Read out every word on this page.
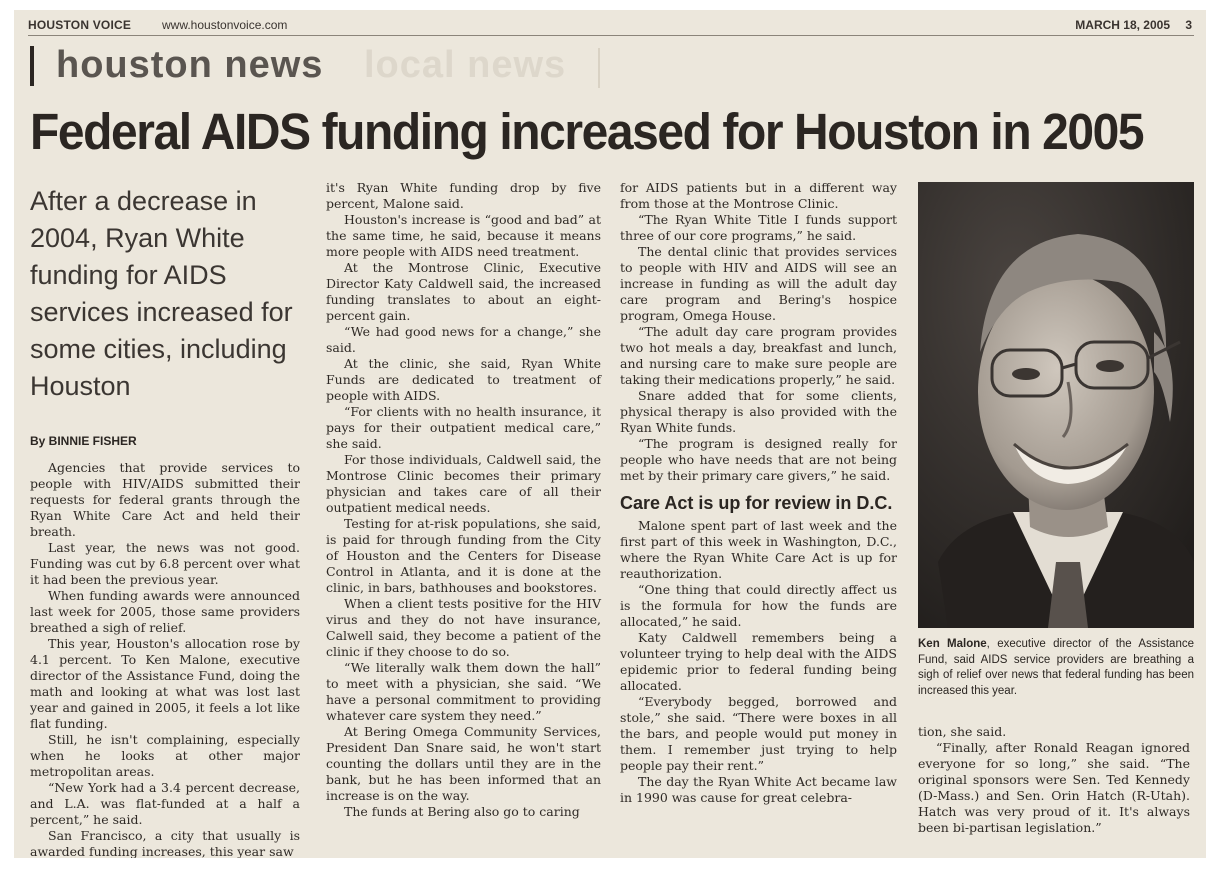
HOUSTON VOICE	www.houstonvoice.com	MARCH 18, 2005 3
houston news local news
Federal AIDS funding increased for Houston in 2005
After a decrease in 2004, Ryan White funding for AIDS services increased for some cities, including Houston
By BINNIE FISHER

Agencies that provide services to people with HIV/AIDS submitted their requests for federal grants through the Ryan White Care Act and held their breath.

Last year, the news was not good. Funding was cut by 6.8 percent over what it had been the previous year.

When funding awards were announced last week for 2005, those same providers breathed a sigh of relief.

This year, Houston's allocation rose by 4.1 percent. To Ken Malone, executive director of the Assistance Fund, doing the math and looking at what was lost last year and gained in 2005, it feels a lot like flat funding.

Still, he isn't complaining, especially when he looks at other major metropolitan areas.

“New York had a 3.4 percent decrease, and L.A. was flat-funded at a half a percent,” he said.

San Francisco, a city that usually is awarded funding increases, this year saw

it's Ryan White funding drop by five percent, Malone said.

Houston's increase is “good and bad” at the same time, he said, because it means more people with AIDS need treatment.

At the Montrose Clinic, Executive Director Katy Caldwell said, the increased funding translates to about an eight-percent gain.

“We had good news for a change,” she said.

At the clinic, she said, Ryan White Funds are dedicated to treatment of people with AIDS.

“For clients with no health insurance, it pays for their outpatient medical care,” she said.

For those individuals, Caldwell said, the Montrose Clinic becomes their primary physician and takes care of all their outpatient medical needs.

Testing for at-risk populations, she said, is paid for through funding from the City of Houston and the Centers for Disease Control in Atlanta, and it is done at the clinic, in bars, bathhouses and bookstores.

When a client tests positive for the HIV virus and they do not have insurance, Calwell said, they become a patient of the clinic if they choose to do so.

“We literally walk them down the hall” to meet with a physician, she said. “We have a personal commitment to providing whatever care system they need.”

At Bering Omega Community Services, President Dan Snare said, he won't start counting the dollars until they are in the bank, but he has been informed that an increase is on the way.

The funds at Bering also go to caring

for AIDS patients but in a different way from those at the Montrose Clinic.

“The Ryan White Title I funds support three of our core programs,” he said.

The dental clinic that provides services to people with HIV and AIDS will see an increase in funding as will the adult day care program and Bering's hospice program, Omega House.

“The adult day care program provides two hot meals a day, breakfast and lunch, and nursing care to make sure people are taking their medications properly,” he said.

Snare added that for some clients, physical therapy is also provided with the Ryan White funds.

“The program is designed really for people who have needs that are not being met by their primary care givers,” he said.

Care Act is up for review in D.C.

Malone spent part of last week and the first part of this week in Washington, D.C., where the Ryan White Care Act is up for reauthorization.

“One thing that could directly affect us is the formula for how the funds are allocated,” he said.

Katy Caldwell remembers being a volunteer trying to help deal with the AIDS epidemic prior to federal funding being allocated.

“Everybody begged, borrowed and stole,” she said. “There were boxes in all the bars, and people would put money in them. I remember just trying to help people pay their rent.”

The day the Ryan White Act became law in 1990 was cause for great celebra-

Ken Malone, executive director of the Assistance Fund, said AIDS service providers are breathing a sigh of relief over news that federal funding has been increased this year.

tion, she said.

“Finally, after Ronald Reagan ignored everyone for so long,” she said. “The original sponsors were Sen. Ted Kennedy (D-Mass.) and Sen. Orin Hatch (R-Utah). Hatch was very proud of it. It's always been bi-partisan legislation.”
